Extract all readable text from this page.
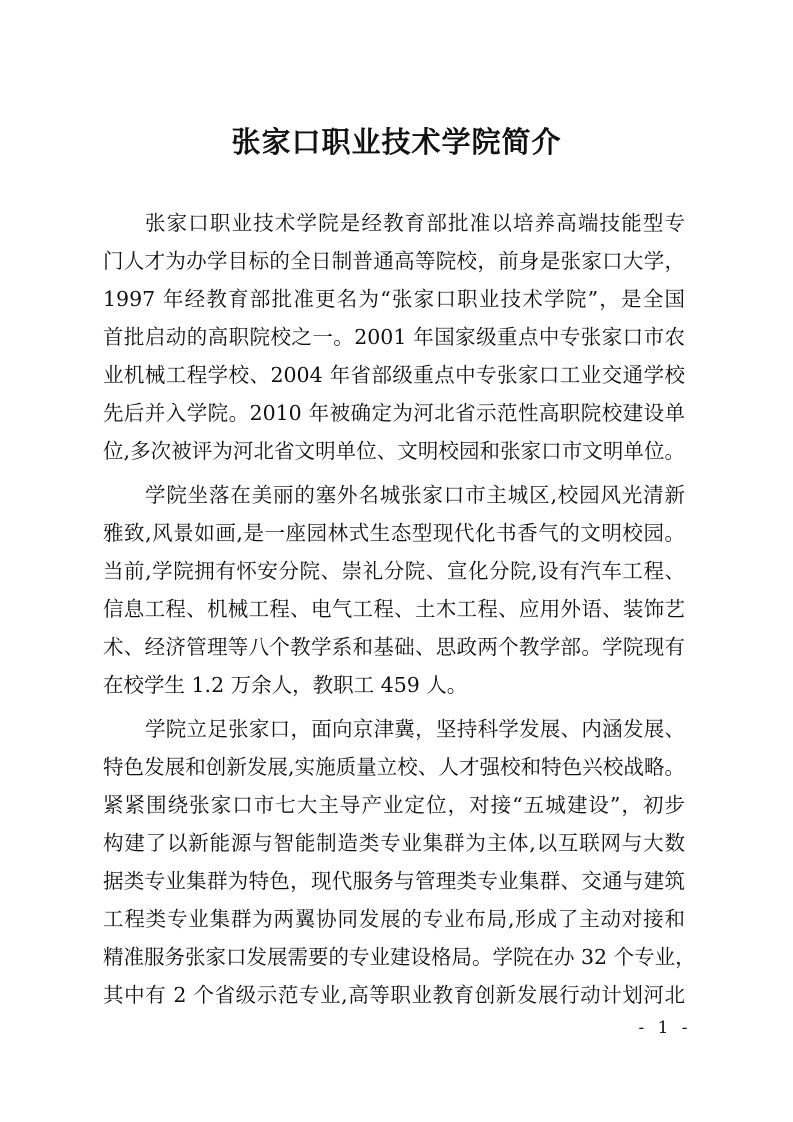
张家口职业技术学院简介

张家口职业技术学院是经教育部批准以培养高端技能型专

门人才为办学目标的全日制普通高等院校，前身是张家口大学，

1997 年经教育部批准更名为“张家口职业技术学院”，是全国

首批启动的高职院校之一。2001 年国家级重点中专张家口市农

业机械工程学校、2004 年省部级重点中专张家口工业交通学校

先后并入学院。2010 年被确定为河北省示范性高职院校建设单

位,多次被评为河北省文明单位、文明校园和张家口市文明单位。

学院坐落在美丽的塞外名城张家口市主城区,校园风光清新

雅致,风景如画,是一座园林式生态型现代化书香气的文明校园。

当前,学院拥有怀安分院、崇礼分院、宣化分院,设有汽车工程、

信息工程、机械工程、电气工程、土木工程、应用外语、装饰艺

术、经济管理等八个教学系和基础、思政两个教学部。学院现有

在校学生 1.2 万余人，教职工 459 人。

学院立足张家口，面向京津冀，坚持科学发展、内涵发展、

特色发展和创新发展,实施质量立校、人才强校和特色兴校战略。

紧紧围绕张家口市七大主导产业定位，对接“五城建设”，初步

构建了以新能源与智能制造类专业集群为主体,以互联网与大数

据类专业集群为特色，现代服务与管理类专业集群、交通与建筑

工程类专业集群为两翼协同发展的专业布局,形成了主动对接和

精准服务张家口发展需要的专业建设格局。学院在办 32 个专业，

其中有 2 个省级示范专业,高等职业教育创新发展行动计划河北

- 1 -
